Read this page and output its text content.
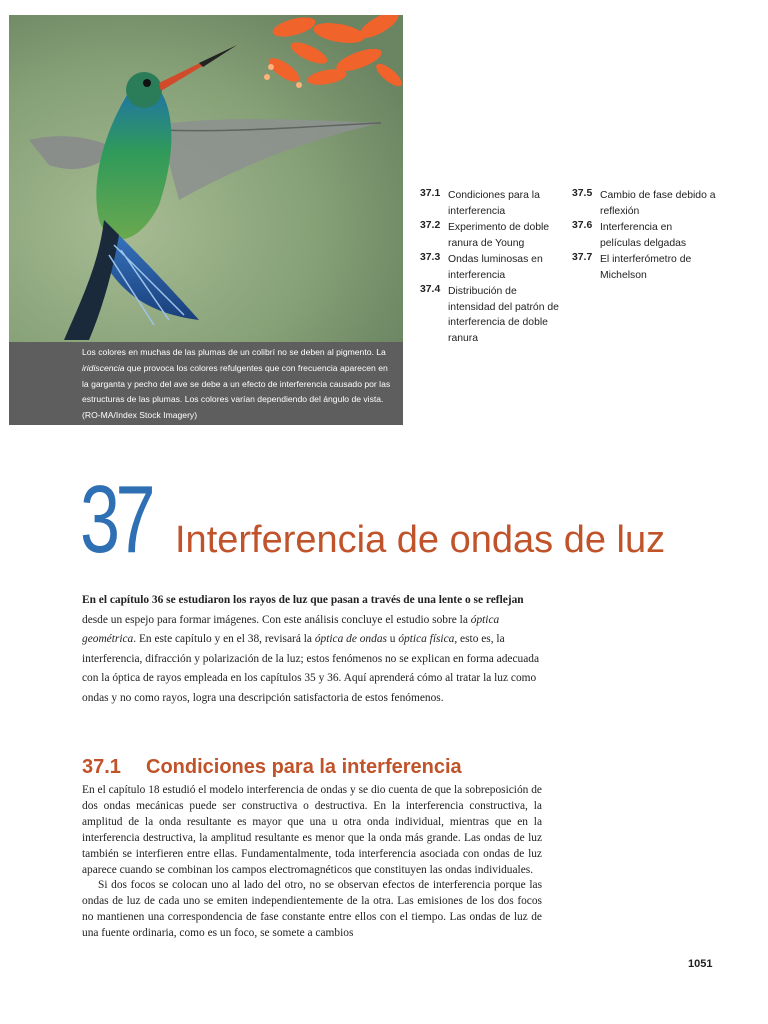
Los colores en muchas de las plumas de un colibrí no se deben al pigmento. La iridiscencia que provoca los colores refulgentes que con frecuencia aparecen en la garganta y pecho del ave se debe a un efecto de interferencia causado por las estructuras de las plumas. Los colores varían dependiendo del ángulo de vista. (RO-MA/Index Stock Imagery)
37.1 Condiciones para la interferencia
37.2 Experimento de doble ranura de Young
37.3 Ondas luminosas en interferencia
37.4 Distribución de intensidad del patrón de interferencia de doble ranura
37.5 Cambio de fase debido a reflexión
37.6 Interferencia en películas delgadas
37.7 El interferómetro de Michelson
37 Interferencia de ondas de luz
En el capítulo 36 se estudiaron los rayos de luz que pasan a través de una lente o se reflejan desde un espejo para formar imágenes. Con este análisis concluye el estudio sobre la óptica geométrica. En este capítulo y en el 38, revisará la óptica de ondas u óptica física, esto es, la interferencia, difracción y polarización de la luz; estos fenómenos no se explican en forma adecuada con la óptica de rayos empleada en los capítulos 35 y 36. Aquí aprenderá cómo al tratar la luz como ondas y no como rayos, logra una descripción satisfactoria de estos fenómenos.
37.1 Condiciones para la interferencia

En el capítulo 18 estudió el modelo interferencia de ondas y se dio cuenta de que la sobreposición de dos ondas mecánicas puede ser constructiva o destructiva. En la interferencia constructiva, la amplitud de la onda resultante es mayor que una u otra onda individual, mientras que en la interferencia destructiva, la amplitud resultante es menor que la onda más grande. Las ondas de luz también se interfieren entre ellas. Fundamentalmente, toda interferencia asociada con ondas de luz aparece cuando se combinan los campos electromagnéticos que constituyen las ondas individuales.

Si dos focos se colocan uno al lado del otro, no se observan efectos de interferencia porque las ondas de luz de cada uno se emiten independientemente de la otra. Las emisiones de los dos focos no mantienen una correspondencia de fase constante entre ellos con el tiempo. Las ondas de luz de una fuente ordinaria, como es un foco, se somete a cambios

1051
